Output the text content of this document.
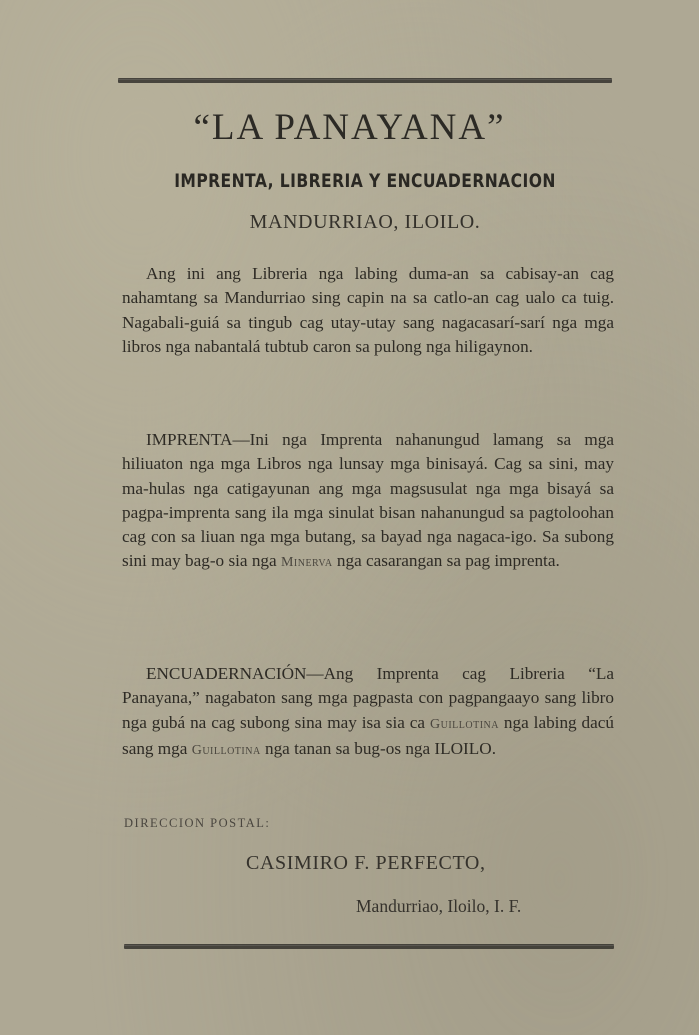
“LA PANAYANA”
IMPRENTA, LIBRERIA Y ENCUADERNACION
MANDURRIAO, ILOILO.

Ang ini ang Libreria nga labing duma-an sa cabisay-an cag nahamtang sa Mandurriao sing capin na sa catlo-an cag ualo ca tuig. Nagabali-guiá sa tingub cag utay-utay sang nagacasarí-sarí nga mga libros nga nabantalá tubtub caron sa pulong nga hiligaynon.

IMPRENTA—Ini nga Imprenta nahanungud lamang sa mga hiliuaton nga mga Libros nga lunsay mga binisayá. Cag sa sini, may ma-hulas nga catigayunan ang mga magsusulat nga mga bisayá sa pagpa-imprenta sang ila mga sinulat bisan nahanungud sa pagtoloohan cag con sa liuan nga mga butang, sa bayad nga nagaca-igo. Sa subong sini may bag-o sia nga Minerva nga casarangan sa pag imprenta.

ENCUADERNACIÓN—Ang Imprenta cag Libreria “La Panayana,” nagabaton sang mga pagpasta con pagpangaayo sang libro nga gubá na cag subong sina may isa sia ca Guillotina nga labing dacú sang mga Guillotina nga tanan sa bug-os nga ILOILO.

DIRECCION POSTAL:
CASIMIRO F. PERFECTO,
Mandurriao, Iloilo, I. F.
